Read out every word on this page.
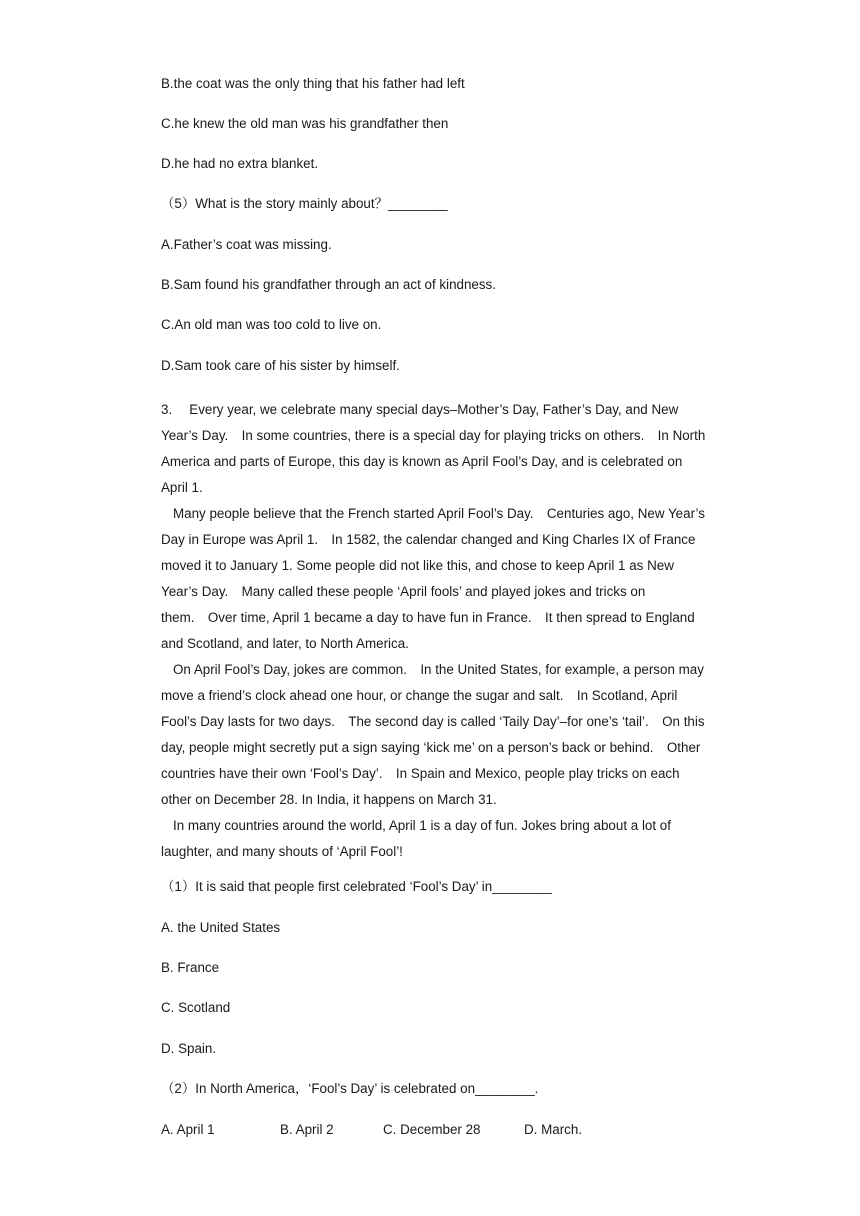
B.the coat was the only thing that his father had left
C.he knew the old man was his grandfather then
D.he had no extra blanket.
（5）What is the story mainly about？________
A.Father’s coat was missing.
B.Sam found his grandfather through an act of kindness.
C.An old man was too cold to live on.
D.Sam took care of his sister by himself.
3.　 Every year, we celebrate many special days–Mother’s Day, Father’s Day, and New
Year’s Day.　In some countries, there is a special day for playing tricks on others.　In North
America and parts of Europe, this day is known as April Fool’s Day, and is celebrated on
April 1.
Many people believe that the French started April Fool’s Day.　Centuries ago, New Year’s
Day in Europe was April 1.　In 1582, the calendar changed and King Charles IX of France
moved it to January 1. Some people did not like this, and chose to keep April 1 as New
Year’s Day.　Many called these people ‘April fools’ and played jokes and tricks on
them.　Over time, April 1 became a day to have fun in France.　It then spread to England
and Scotland, and later, to North America.
On April Fool’s Day, jokes are common.　In the United States, for example, a person may
move a friend’s clock ahead one hour, or change the sugar and salt.　In Scotland, April
Fool’s Day lasts for two days.　The second day is called ‘Taily Day’–for one’s ‘tail’.　On this
day, people might secretly put a sign saying ‘kick me’ on a person’s back or behind.　Other
countries have their own ‘Fool’s Day’.　In Spain and Mexico, people play tricks on each
other on December 28. In India, it happens on March 31.
In many countries around the world, April 1 is a day of fun. Jokes bring about a lot of
laughter, and many shouts of ‘April Fool’!
（1）It is said that people first celebrated ‘Fool’s Day’ in________
A. the United States
B. France
C. Scotland
D. Spain.
（2）In North America，‘Fool’s Day’ is celebrated on________.
A. April 1	B. April 2	C. December 28	D. March.
